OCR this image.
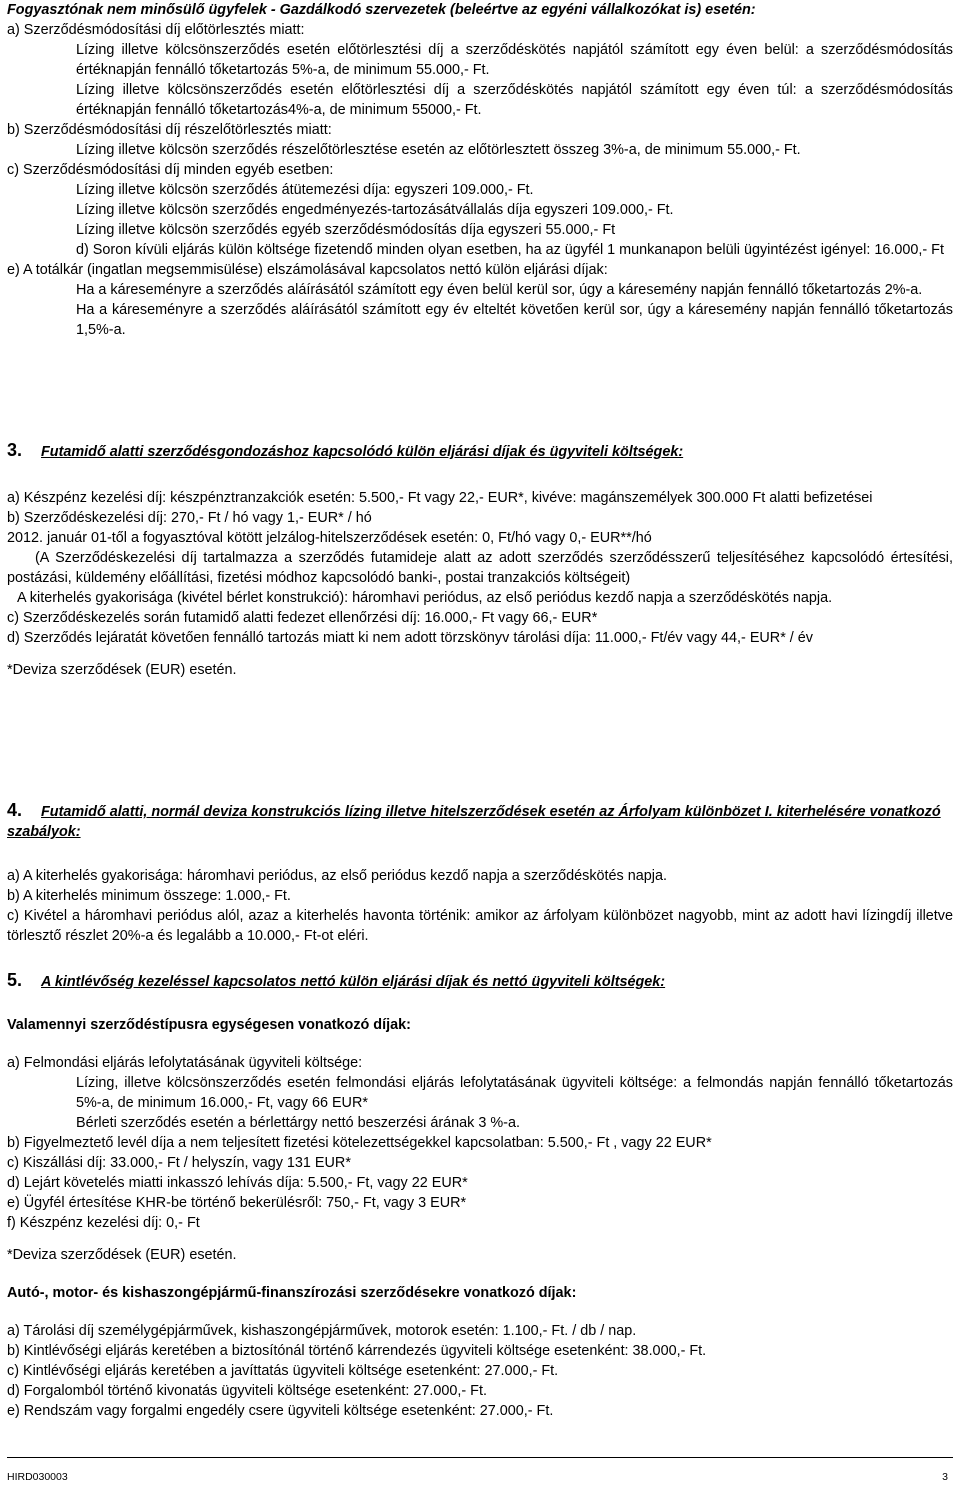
Fogyasztónak nem minősülő ügyfelek - Gazdálkodó szervezetek (beleértve az egyéni vállalkozókat is) esetén:

a) Szerződésmódosítási díj előtörlesztés miatt:

Lízing illetve kölcsönszerződés esetén előtörlesztési díj a szerződéskötés napjától számított egy éven belül: a szerződésmódosítás értéknapján fennálló tőketartozás 5%-a, de minimum 55.000,- Ft.

Lízing illetve kölcsönszerződés esetén előtörlesztési díj a szerződéskötés napjától számított egy éven túl: a szerződésmódosítás értéknapján fennálló tőketartozás4%-a, de minimum 55000,- Ft.

b) Szerződésmódosítási díj részelőtörlesztés miatt:

Lízing illetve kölcsön szerződés részelőtörlesztése esetén az előtörlesztett összeg 3%-a, de minimum 55.000,- Ft.

c) Szerződésmódosítási díj minden egyéb esetben:

Lízing illetve kölcsön szerződés átütemezési díja: egyszeri 109.000,- Ft.

Lízing illetve kölcsön szerződés engedményezés-tartozásátvállalás díja egyszeri 109.000,- Ft.

Lízing illetve kölcsön szerződés egyéb szerződésmódosítás díja egyszeri 55.000,- Ft

d) Soron kívüli eljárás külön költsége fizetendő minden olyan esetben, ha az ügyfél 1 munkanapon belüli ügyintézést igényel: 16.000,- Ft

e) A totálkár (ingatlan megsemmisülése) elszámolásával kapcsolatos nettó külön eljárási díjak:

Ha a káreseményre a szerződés aláírásától számított egy éven belül kerül sor, úgy a káresemény napján fennálló tőketartozás 2%-a.

Ha a káreseményre a szerződés aláírásától számított egy év elteltét követően kerül sor, úgy a káresemény napján fennálló tőketartozás 1,5%-a.

3. Futamidő alatti szerződésgondozáshoz kapcsolódó külön eljárási díjak és ügyviteli költségek:

a) Készpénz kezelési díj: készpénztranzakciók esetén: 5.500,- Ft vagy 22,- EUR*, kivéve: magánszemélyek 300.000 Ft alatti befizetései

b) Szerződéskezelési díj: 270,- Ft / hó vagy 1,- EUR* / hó

2012. január 01-től a fogyasztóval kötött jelzálog-hitelszerződések esetén: 0, Ft/hó vagy 0,- EUR**/hó

(A Szerződéskezelési díj tartalmazza a szerződés futamideje alatt az adott szerződés szerződésszerű teljesítéséhez kapcsolódó értesítési, postázási, küldemény előállítási, fizetési módhoz kapcsolódó banki-, postai tranzakciós költségeit)

A kiterhelés gyakorisága (kivétel bérlet konstrukció): háromhavi periódus, az első periódus kezdő napja a szerződéskötés napja.

c) Szerződéskezelés során futamidő alatti fedezet ellenőrzési díj: 16.000,- Ft vagy 66,- EUR*

d) Szerződés lejáratát követően fennálló tartozás miatt ki nem adott törzskönyv tárolási díja: 11.000,- Ft/év vagy 44,- EUR* / év

*Deviza szerződések (EUR) esetén.

4. Futamidő alatti, normál deviza konstrukciós lízing illetve hitelszerződések esetén az Árfolyam különbözet I. kiterhelésére vonatkozó szabályok:

a) A kiterhelés gyakorisága: háromhavi periódus, az első periódus kezdő napja a szerződéskötés napja.

b) A kiterhelés minimum összege: 1.000,- Ft.

c) Kivétel a háromhavi periódus alól, azaz a kiterhelés havonta történik: amikor az árfolyam különbözet nagyobb, mint az adott havi lízingdíj illetve törlesztő részlet 20%-a és legalább a 10.000,- Ft-ot eléri.

5. A kintlévőség kezeléssel kapcsolatos nettó külön eljárási díjak és nettó ügyviteli költségek:

Valamennyi szerződéstípusra egységesen vonatkozó díjak:

a) Felmondási eljárás lefolytatásának ügyviteli költsége:

Lízing, illetve kölcsönszerződés esetén felmondási eljárás lefolytatásának ügyviteli költsége: a felmondás napján fennálló tőketartozás 5%-a, de minimum 16.000,- Ft, vagy 66 EUR*

Bérleti szerződés esetén a bérlettárgy nettó beszerzési árának 3 %-a.

b) Figyelmeztető levél díja a nem teljesített fizetési kötelezettségekkel kapcsolatban: 5.500,- Ft , vagy 22 EUR*

c) Kiszállási díj: 33.000,- Ft / helyszín, vagy 131 EUR*

d) Lejárt követelés miatti inkasszó lehívás díja: 5.500,- Ft, vagy 22 EUR*

e) Ügyfél értesítése KHR-be történő bekerülésről: 750,- Ft, vagy 3 EUR*

f) Készpénz kezelési díj: 0,- Ft

*Deviza szerződések (EUR) esetén.

Autó-, motor- és kishaszongépjármű-finanszírozási szerződésekre vonatkozó díjak:

a) Tárolási díj személygépjárművek, kishaszongépjárművek, motorok esetén: 1.100,- Ft. / db / nap.

b) Kintlévőségi eljárás keretében a biztosítónál történő kárrendezés ügyviteli költsége esetenként: 38.000,- Ft.

c) Kintlévőségi eljárás keretében a javíttatás ügyviteli költsége esetenként: 27.000,- Ft.

d) Forgalomból történő kivonatás ügyviteli költsége esetenként: 27.000,- Ft.

e) Rendszám vagy forgalmi engedély csere ügyviteli költsége esetenként: 27.000,- Ft.

HIRD030003	3
